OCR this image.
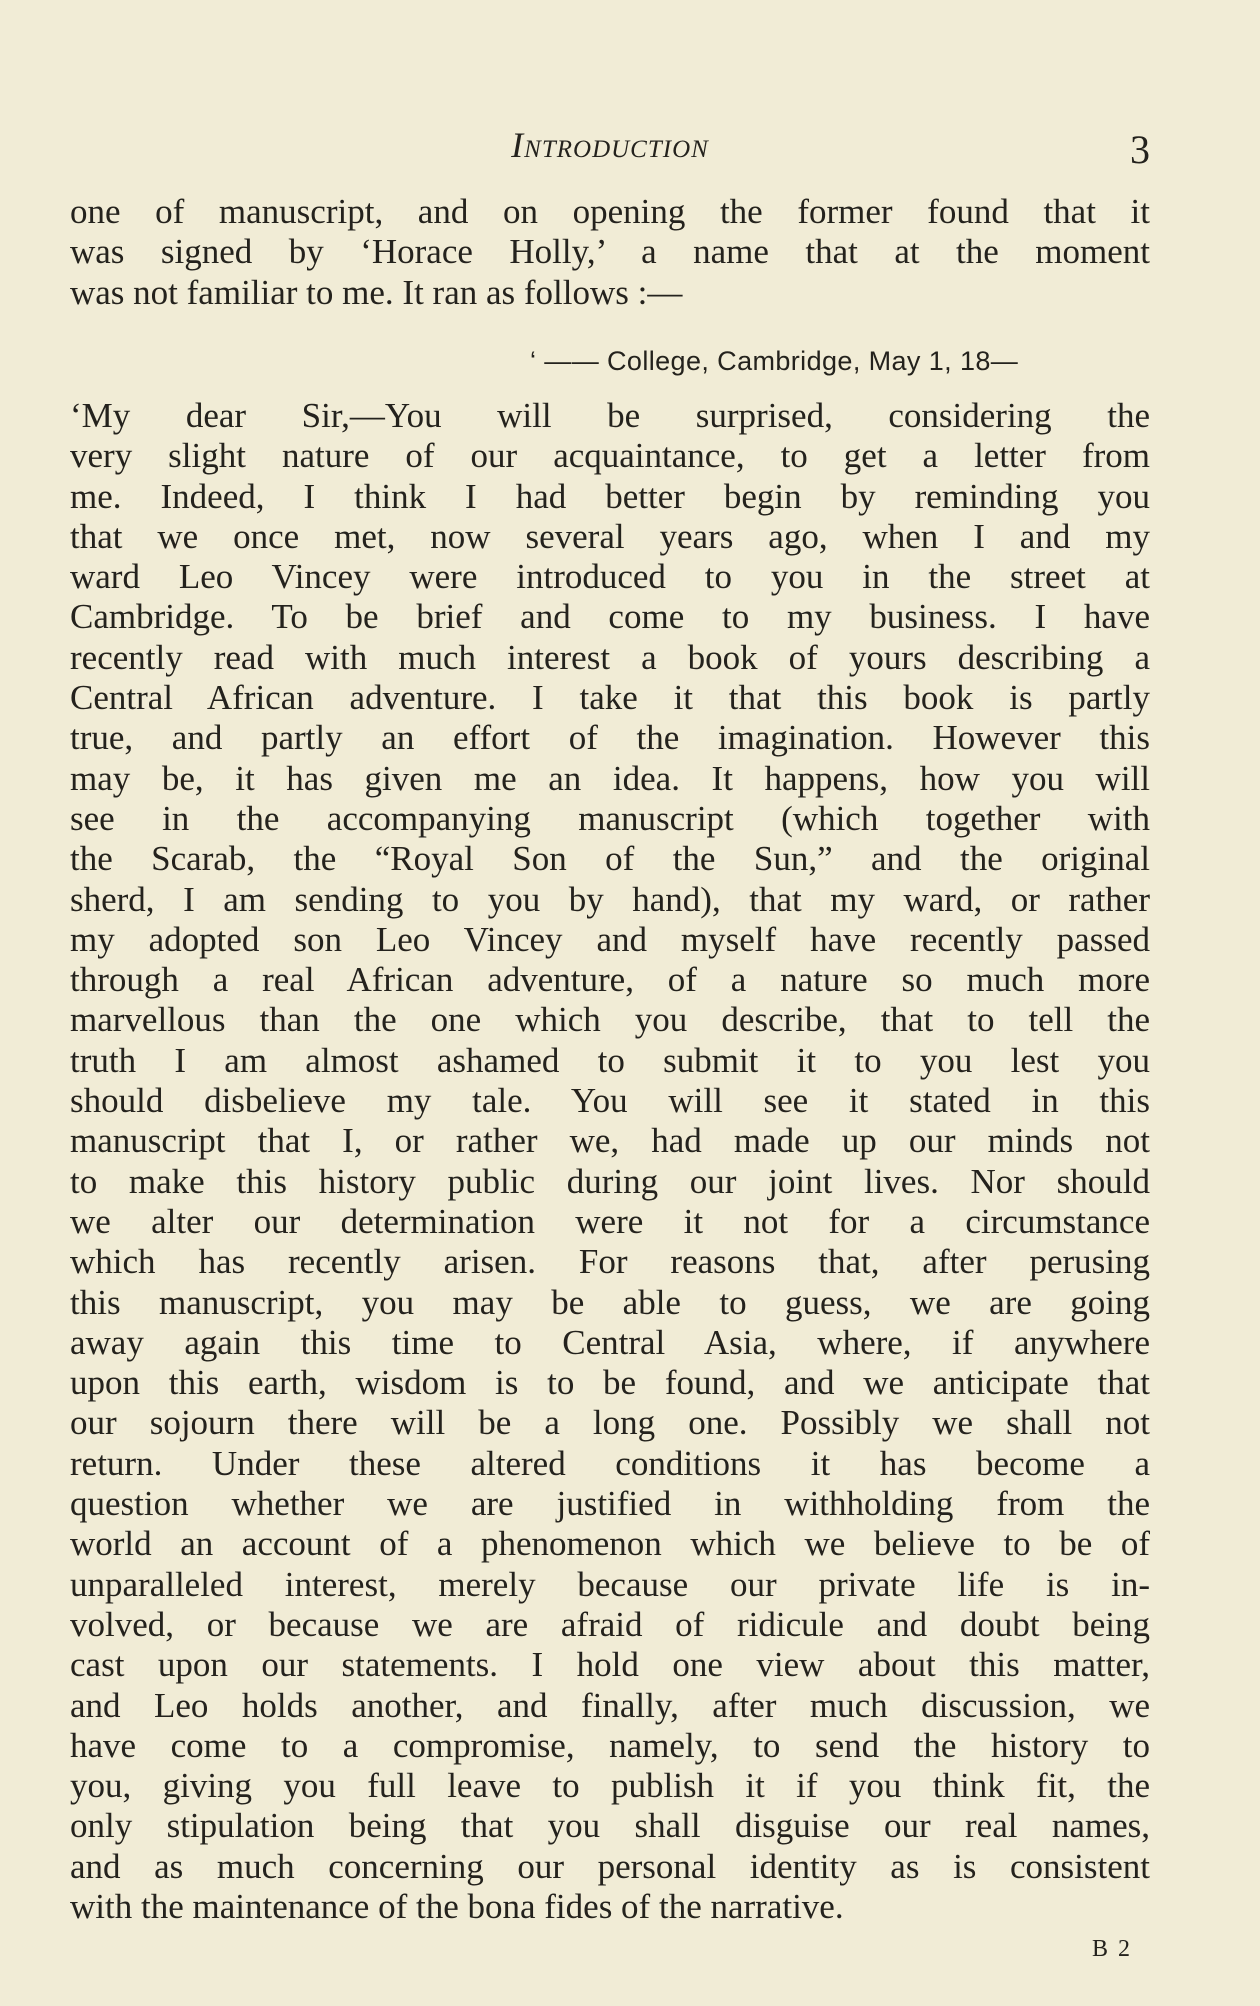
Introduction	3
one of manuscript, and on opening the former found that it
was signed by ‘Horace Holly,’ a name that at the moment
was not familiar to me. It ran as follows :—
‘ —— College, Cambridge, May 1, 18—
‘My dear Sir,—You will be surprised, considering the
very slight nature of our acquaintance, to get a letter from
me. Indeed, I think I had better begin by reminding you
that we once met, now several years ago, when I and my
ward Leo Vincey were introduced to you in the street at
Cambridge. To be brief and come to my business. I have
recently read with much interest a book of yours describing a
Central African adventure. I take it that this book is partly
true, and partly an effort of the imagination. However this
may be, it has given me an idea. It happens, how you will
see in the accompanying manuscript (which together with
the Scarab, the “Royal Son of the Sun,” and the original
sherd, I am sending to you by hand), that my ward, or rather
my adopted son Leo Vincey and myself have recently passed
through a real African adventure, of a nature so much more
marvellous than the one which you describe, that to tell the
truth I am almost ashamed to submit it to you lest you
should disbelieve my tale. You will see it stated in this
manuscript that I, or rather we, had made up our minds not
to make this history public during our joint lives. Nor should
we alter our determination were it not for a circumstance
which has recently arisen. For reasons that, after perusing
this manuscript, you may be able to guess, we are going
away again this time to Central Asia, where, if anywhere
upon this earth, wisdom is to be found, and we anticipate that
our sojourn there will be a long one. Possibly we shall not
return. Under these altered conditions it has become a
question whether we are justified in withholding from the
world an account of a phenomenon which we believe to be of
unparalleled interest, merely because our private life is in-
volved, or because we are afraid of ridicule and doubt being
cast upon our statements. I hold one view about this matter,
and Leo holds another, and finally, after much discussion, we
have come to a compromise, namely, to send the history to
you, giving you full leave to publish it if you think fit, the
only stipulation being that you shall disguise our real names,
and as much concerning our personal identity as is consistent
with the maintenance of the bona fides of the narrative.
B 2
